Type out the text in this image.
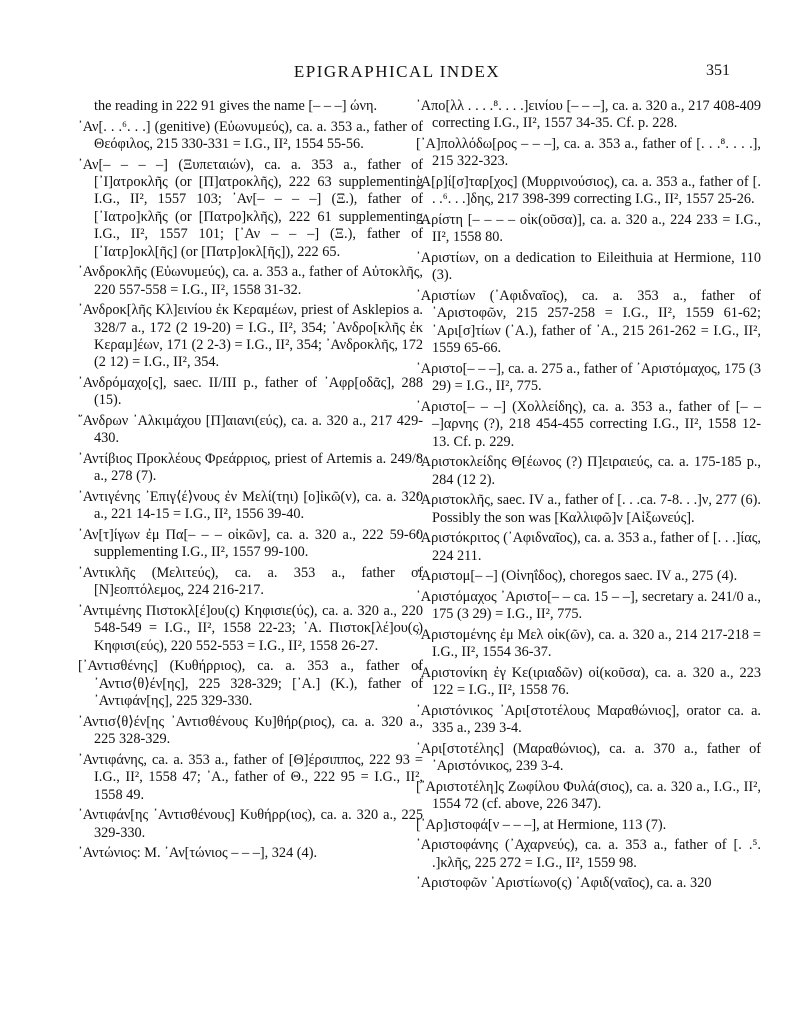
EPIGRAPHICAL INDEX	351

the reading in 222 91 gives the name [– – –] ώνη.

᾿Αν[. . .⁶. . .] (genitive) (Εὐωνυμεύς), ca. a. 353 a., father of Θεόφιλος, 215 330-331 = I.G., II², 1554 55-56.

᾿Αν[– – – –] (Ξυπεταιών), ca. a. 353 a., father of [᾿Ι]ατροκλῆς (or [Π]ατροκλῆς), 222 63 supplementing I.G., II², 1557 103; ᾿Αν[– – – –] (Ξ.), father of [᾿Ιατρο]κλῆς (or [Πατρο]κλῆς), 222 61 supplementing I.G., II², 1557 101; [᾿Αν – – –] (Ξ.), father of [᾿Ιατρ]οκλ[ῆς] (or [Πατρ]οκλ[ῆς]), 222 65.

᾿Ανδροκλῆς (Εὐωνυμεύς), ca. a. 353 a., father of Αὐτοκλῆς, 220 557-558 = I.G., II², 1558 31-32.

᾿Ανδροκ[λῆς Κλ]εινίου ἐκ Κεραμέων, priest of Asklepios a. 328/7 a., 172 (2 19-20) = I.G., II², 354; ᾿Ανδρο[κλῆς ἐκ Κεραμ]έων, 171 (2 2-3) = I.G., II², 354; ᾿Ανδροκλῆς, 172 (2 12) = I.G., II², 354.

᾿Ανδρόμαχο[ς], saec. II/III p., father of ᾿Αφρ[οδᾶς], 288 (15).

῎Ανδρων ᾿Αλκιμάχου [Π]αιανι(εύς), ca. a. 320 a., 217 429-430.

᾿Αντίβιος Προκλέους Φρεάρριος, priest of Artemis a. 249/8 a., 278 (7).

᾿Αντιγένης ᾿Επιγ⟨έ⟩νους ἐν Μελί(τηι) [ο]ἰκῶ(ν), ca. a. 320 a., 221 14-15 = I.G., II², 1556 39-40.

᾿Αν[τ]ίγων ἐμ Πα[– – – οἰκῶν], ca. a. 320 a., 222 59-60 supplementing I.G., II², 1557 99-100.

᾿Αντικλῆς (Μελιτεύς), ca. a. 353 a., father of [Ν]εοπτόλεμος, 224 216-217.

᾿Αντιμένης Πιστοκλ[έ]ου(ς) Κηφισιε(ύς), ca. a. 320 a., 220 548-549 = I.G., II², 1558 22-23; ᾿Α. Πιστοκ[λέ]ου(ς) Κηφισι(εύς), 220 552-553 = I.G., II², 1558 26-27.

[᾿Αντισθένης] (Κυθήρριος), ca. a. 353 a., father of ᾿Αντισ⟨θ⟩έν[ης], 225 328-329; [᾿Α.] (Κ.), father of ᾿Αντιφάν[ης], 225 329-330.

᾿Αντισ⟨θ⟩έν[ης ᾿Αντισθένους Κυ]θήρ(ριος), ca. a. 320 a., 225 328-329.

᾿Αντιφάνης, ca. a. 353 a., father of [Θ]έρσιππος, 222 93 = I.G., II², 1558 47; ᾿Α., father of Θ., 222 95 = I.G., II², 1558 49.

᾿Αντιφάν[ης ᾿Αντισθένους] Κυθήρρ(ιος), ca. a. 320 a., 225 329-330.

᾿Αντώνιος: Μ. ᾿Αν[τώνιος – – –], 324 (4).

᾿Απο[λλ . . . .⁸. . . .]εινίου [– – –], ca. a. 320 a., 217 408-409 correcting I.G., II², 1557 34-35. Cf. p. 228.

[᾿Α]πολλόδω[ρος – – –], ca. a. 353 a., father of [. . .⁸. . . .], 215 322-323.

᾿Α[ρ]ί[σ]ταρ[χος] (Μυρρινούσιος), ca. a. 353 a., father of [. . .⁶. . .]δης, 217 398-399 correcting I.G., II², 1557 25-26.

᾿Αρίστη [– – – – οἰκ(οῦσα)], ca. a. 320 a., 224 233 = I.G., II², 1558 80.

᾿Αριστίων, on a dedication to Eileithuia at Hermione, 110 (3).

᾿Αριστίων (᾿Αφιδναῖος), ca. a. 353 a., father of ᾿Αριστοφῶν, 215 257-258 = I.G., II², 1559 61-62; ᾿Αρι[σ]τίων (᾿Α.), father of ᾿Α., 215 261-262 = I.G., II², 1559 65-66.

᾿Αριστο[– – –], ca. a. 275 a., father of ᾿Αριστόμαχος, 175 (3 29) = I.G., II², 775.

᾿Αριστο[– – –] (Χολλείδης), ca. a. 353 a., father of [– – –]αρνης (?), 218 454-455 correcting I.G., II², 1558 12-13. Cf. p. 229.

᾿Αριστοκλείδης Θ[έωνος (?) Π]ειραιεύς, ca. a. 175-185 p., 284 (12 2).

᾿Αριστοκλῆς, saec. IV a., father of [. . .ca. 7-8. . .]ν, 277 (6). Possibly the son was [Καλλιφῶ]ν [Αἰξωνεύς].

᾿Αριστόκριτος (᾿Αφιδναῖος), ca. a. 353 a., father of [. . .]ίας, 224 211.

᾿Αριστομ[– –] (Οἰνηΐδος), choregos saec. IV a., 275 (4).

᾿Αριστόμαχος ᾿Αριστο[– – ca. 15 – –], secretary a. 241/0 a., 175 (3 29) = I.G., II², 775.

᾿Αριστομένης ἐμ Μελ οἰκ(ῶν), ca. a. 320 a., 214 217-218 = I.G., II², 1554 36-37.

᾿Αριστονίκη ἐγ Κε(ιριαδῶν) οἰ(κοῦσα), ca. a. 320 a., 223 122 = I.G., II², 1558 76.

᾿Αριστόνικος ᾿Αρι[στοτέλους Μαραθώνιος], orator ca. a. 335 a., 239 3-4.

᾿Αρι[στοτέλης] (Μαραθώνιος), ca. a. 370 a., father of ᾿Αριστόνικος, 239 3-4.

[᾿Αριστοτέλη]ς Ζωφίλου Φυλά(σιος), ca. a. 320 a., I.G., II², 1554 72 (cf. above, 226 347).

[᾿Αρ]ιστοφά[ν – – –], at Hermione, 113 (7).

᾿Αριστοφάνης (᾿Αχαρνεύς), ca. a. 353 a., father of [. .⁵. .]κλῆς, 225 272 = I.G., II², 1559 98.

᾿Αριστοφῶν ᾿Αριστίωνο(ς) ᾿Αφιδ(ναῖος), ca. a. 320
